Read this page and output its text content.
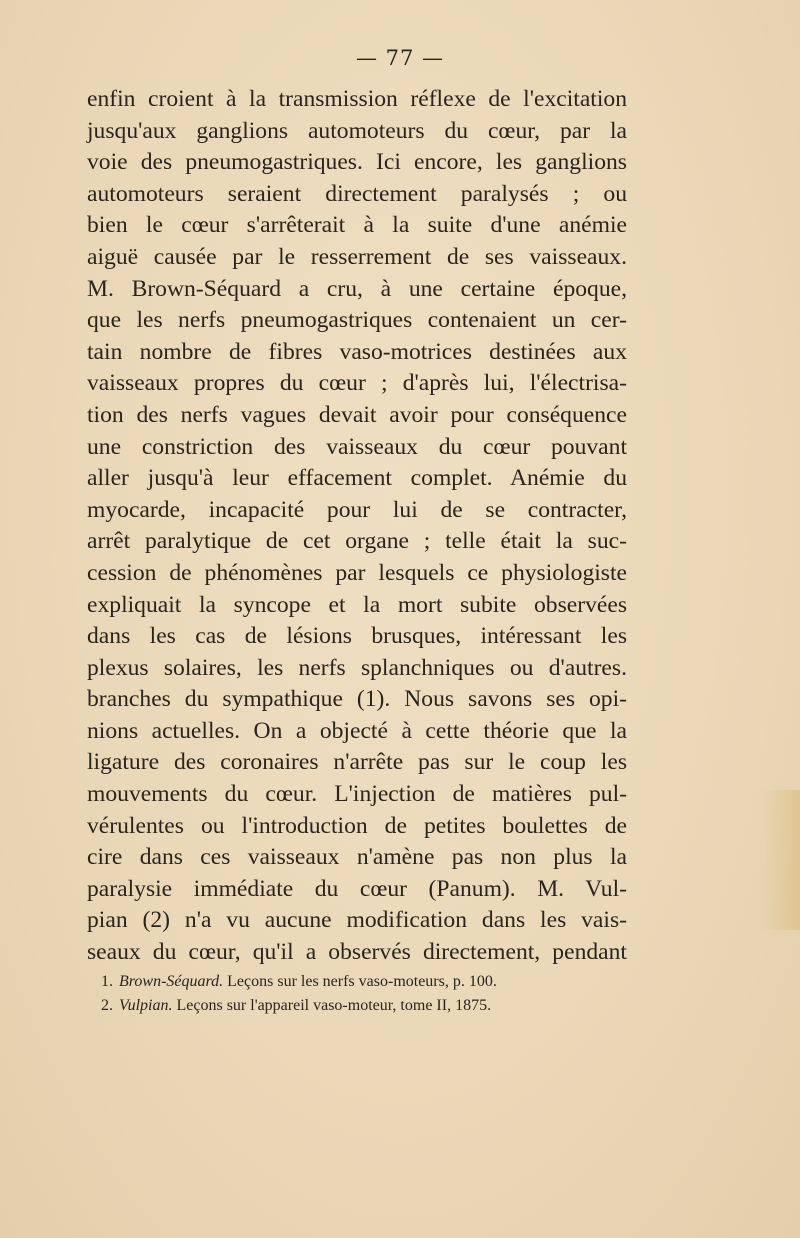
— 77 —
enfin croient à la transmission réflexe de l'excitation
jusqu'aux ganglions automoteurs du cœur, par la
voie des pneumogastriques. Ici encore, les ganglions
automoteurs seraient directement paralysés ; ou
bien le cœur s'arrêterait à la suite d'une anémie
aiguë causée par le resserrement de ses vaisseaux.
M. Brown-Séquard a cru, à une certaine époque,
que les nerfs pneumogastriques contenaient un cer-
tain nombre de fibres vaso-motrices destinées aux
vaisseaux propres du cœur ; d'après lui, l'électrisa-
tion des nerfs vagues devait avoir pour conséquence
une constriction des vaisseaux du cœur pouvant
aller jusqu'à leur effacement complet. Anémie du
myocarde, incapacité pour lui de se contracter,
arrêt paralytique de cet organe ; telle était la suc-
cession de phénomènes par lesquels ce physiologiste
expliquait la syncope et la mort subite observées
dans les cas de lésions brusques, intéressant les
plexus solaires, les nerfs splanchniques ou d'autres.
branches du sympathique (1). Nous savons ses opi-
nions actuelles. On a objecté à cette théorie que la
ligature des coronaires n'arrête pas sur le coup les
mouvements du cœur. L'injection de matières pul-
vérulentes ou l'introduction de petites boulettes de
cire dans ces vaisseaux n'amène pas non plus la
paralysie immédiate du cœur (Panum). M. Vul-
pian (2) n'a vu aucune modification dans les vais-
seaux du cœur, qu'il a observés directement, pendant
1. Brown-Séquard. Leçons sur les nerfs vaso-moteurs, p. 100.
2. Vulpian. Leçons sur l'appareil vaso-moteur, tome II, 1875.
